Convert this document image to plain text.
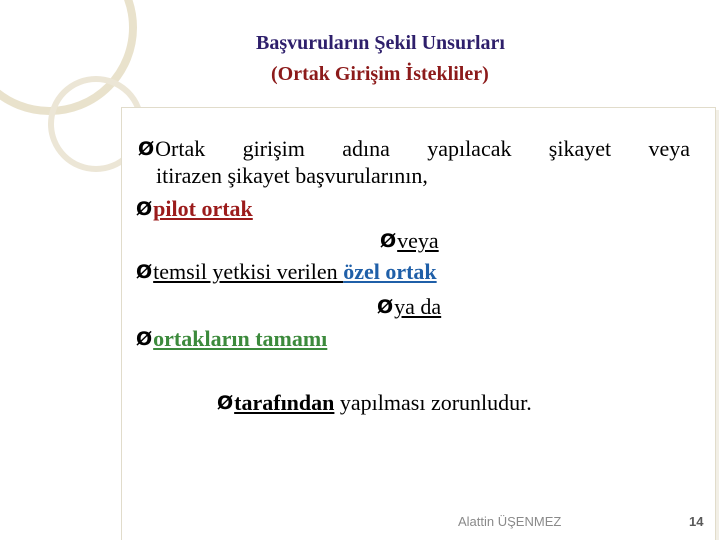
Başvuruların Şekil Unsurları
(Ortak Girişim İstekliler)
ØOrtak girişim adına yapılacak şikayet veya
itirazen şikayet başvurularının,
Øpilot ortak
Øveya
Øtemsil yetkisi verilen özel ortak
Øya da
Øortakların tamamı
Øtarafından yapılması zorunludur.
Alattin ÜŞENMEZ	14
